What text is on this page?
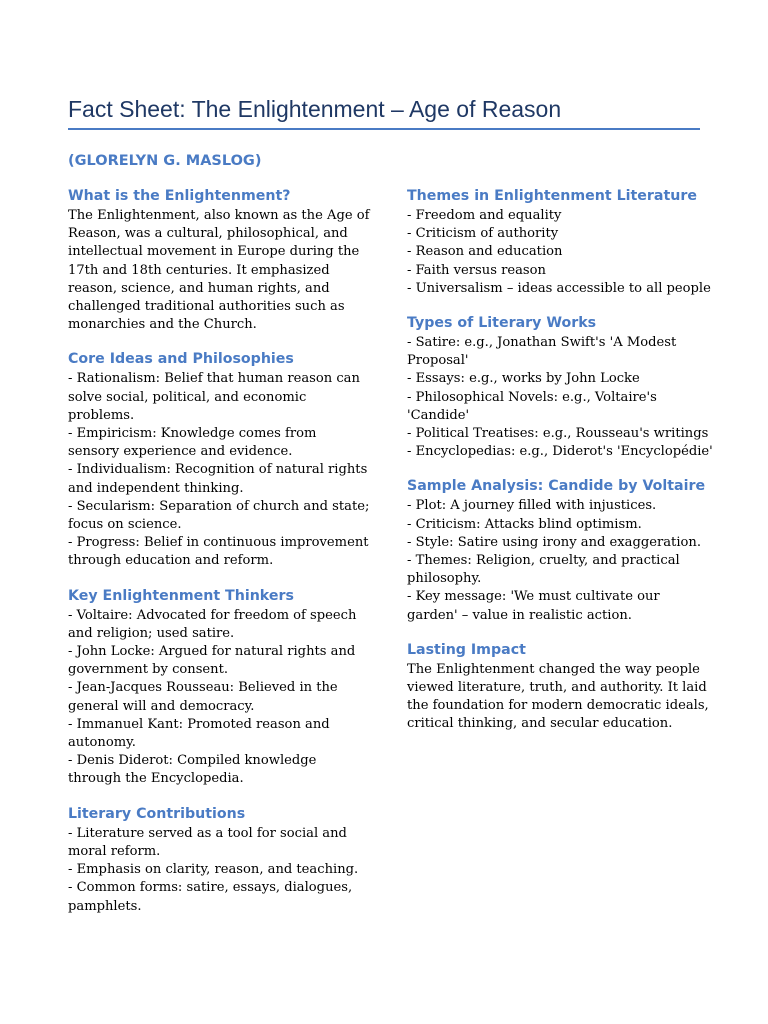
Fact Sheet: The Enlightenment – Age of Reason
(GLORELYN G. MASLOG)
What is the Enlightenment?
The Enlightenment, also known as the Age of
Reason, was a cultural, philosophical, and
intellectual movement in Europe during the
17th and 18th centuries. It emphasized
reason, science, and human rights, and
challenged traditional authorities such as
monarchies and the Church.
Core Ideas and Philosophies
- Rationalism: Belief that human reason can
solve social, political, and economic
problems.
- Empiricism: Knowledge comes from
sensory experience and evidence.
- Individualism: Recognition of natural rights
and independent thinking.
- Secularism: Separation of church and state;
focus on science.
- Progress: Belief in continuous improvement
through education and reform.
Key Enlightenment Thinkers
- Voltaire: Advocated for freedom of speech
and religion; used satire.
- John Locke: Argued for natural rights and
government by consent.
- Jean-Jacques Rousseau: Believed in the
general will and democracy.
- Immanuel Kant: Promoted reason and
autonomy.
- Denis Diderot: Compiled knowledge
through the Encyclopedia.
Literary Contributions
- Literature served as a tool for social and
moral reform.
- Emphasis on clarity, reason, and teaching.
- Common forms: satire, essays, dialogues,
pamphlets.
Themes in Enlightenment Literature
- Freedom and equality
- Criticism of authority
- Reason and education
- Faith versus reason
- Universalism – ideas accessible to all people
Types of Literary Works
- Satire: e.g., Jonathan Swift's 'A Modest
Proposal'
- Essays: e.g., works by John Locke
- Philosophical Novels: e.g., Voltaire's
'Candide'
- Political Treatises: e.g., Rousseau's writings
- Encyclopedias: e.g., Diderot's 'Encyclopédie'
Sample Analysis: Candide by Voltaire
- Plot: A journey filled with injustices.
- Criticism: Attacks blind optimism.
- Style: Satire using irony and exaggeration.
- Themes: Religion, cruelty, and practical
philosophy.
- Key message: 'We must cultivate our
garden' – value in realistic action.
Lasting Impact
The Enlightenment changed the way people
viewed literature, truth, and authority. It laid
the foundation for modern democratic ideals,
critical thinking, and secular education.
